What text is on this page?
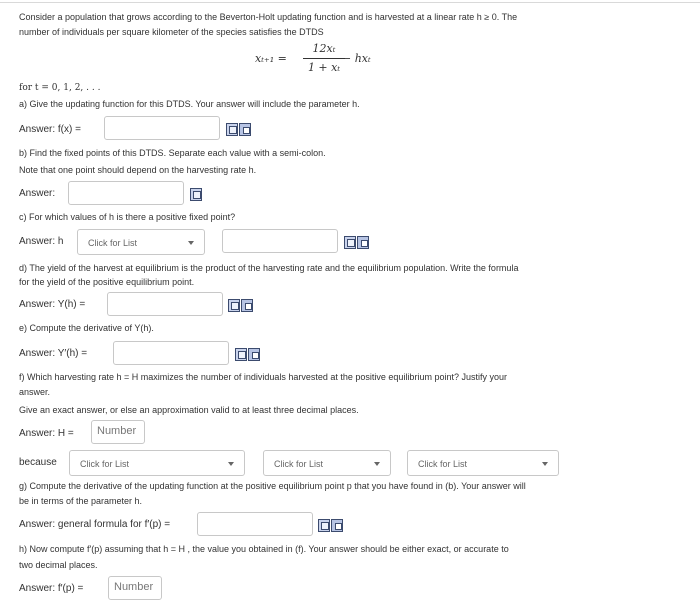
Consider a population that grows according to the Beverton-Holt updating function and is harvested at a linear rate h ≥ 0. The
number of individuals per square kilometer of the species satisfies the DTDS
xₜ₊₁ =
12xₜ
1 + xₜ
− hxₜ
for t = 0, 1, 2, . . .
a) Give the updating function for this DTDS. Your answer will include the parameter h.
Answer: f(x) =
b) Find the fixed points of this DTDS. Separate each value with a semi-colon.
Note that one point should depend on the harvesting rate h.
Answer:
c) For which values of h is there a positive fixed point?
Answer: h	Click for List
d) The yield of the harvest at equilibrium is the product of the harvesting rate and the equilibrium population. Write the formula
for the yield of the positive equilibrium point.
Answer: Y(h) =
e) Compute the derivative of Y(h).
Answer: Y′(h) =
f) Which harvesting rate h = H maximizes the number of individuals harvested at the positive equilibrium point? Justify your
answer.
Give an exact answer, or else an approximation valid to at least three decimal places.
Answer: H =	Number
because	Click for List	Click for List	Click for List
g) Compute the derivative of the updating function at the positive equilibrium point p that you have found in (b). Your answer will
be in terms of the parameter h.
Answer: general formula for f′(p) =
h) Now compute f′(p) assuming that h = H , the value you obtained in (f). Your answer should be either exact, or accurate to
two decimal places.
Answer: f′(p) =	Number
